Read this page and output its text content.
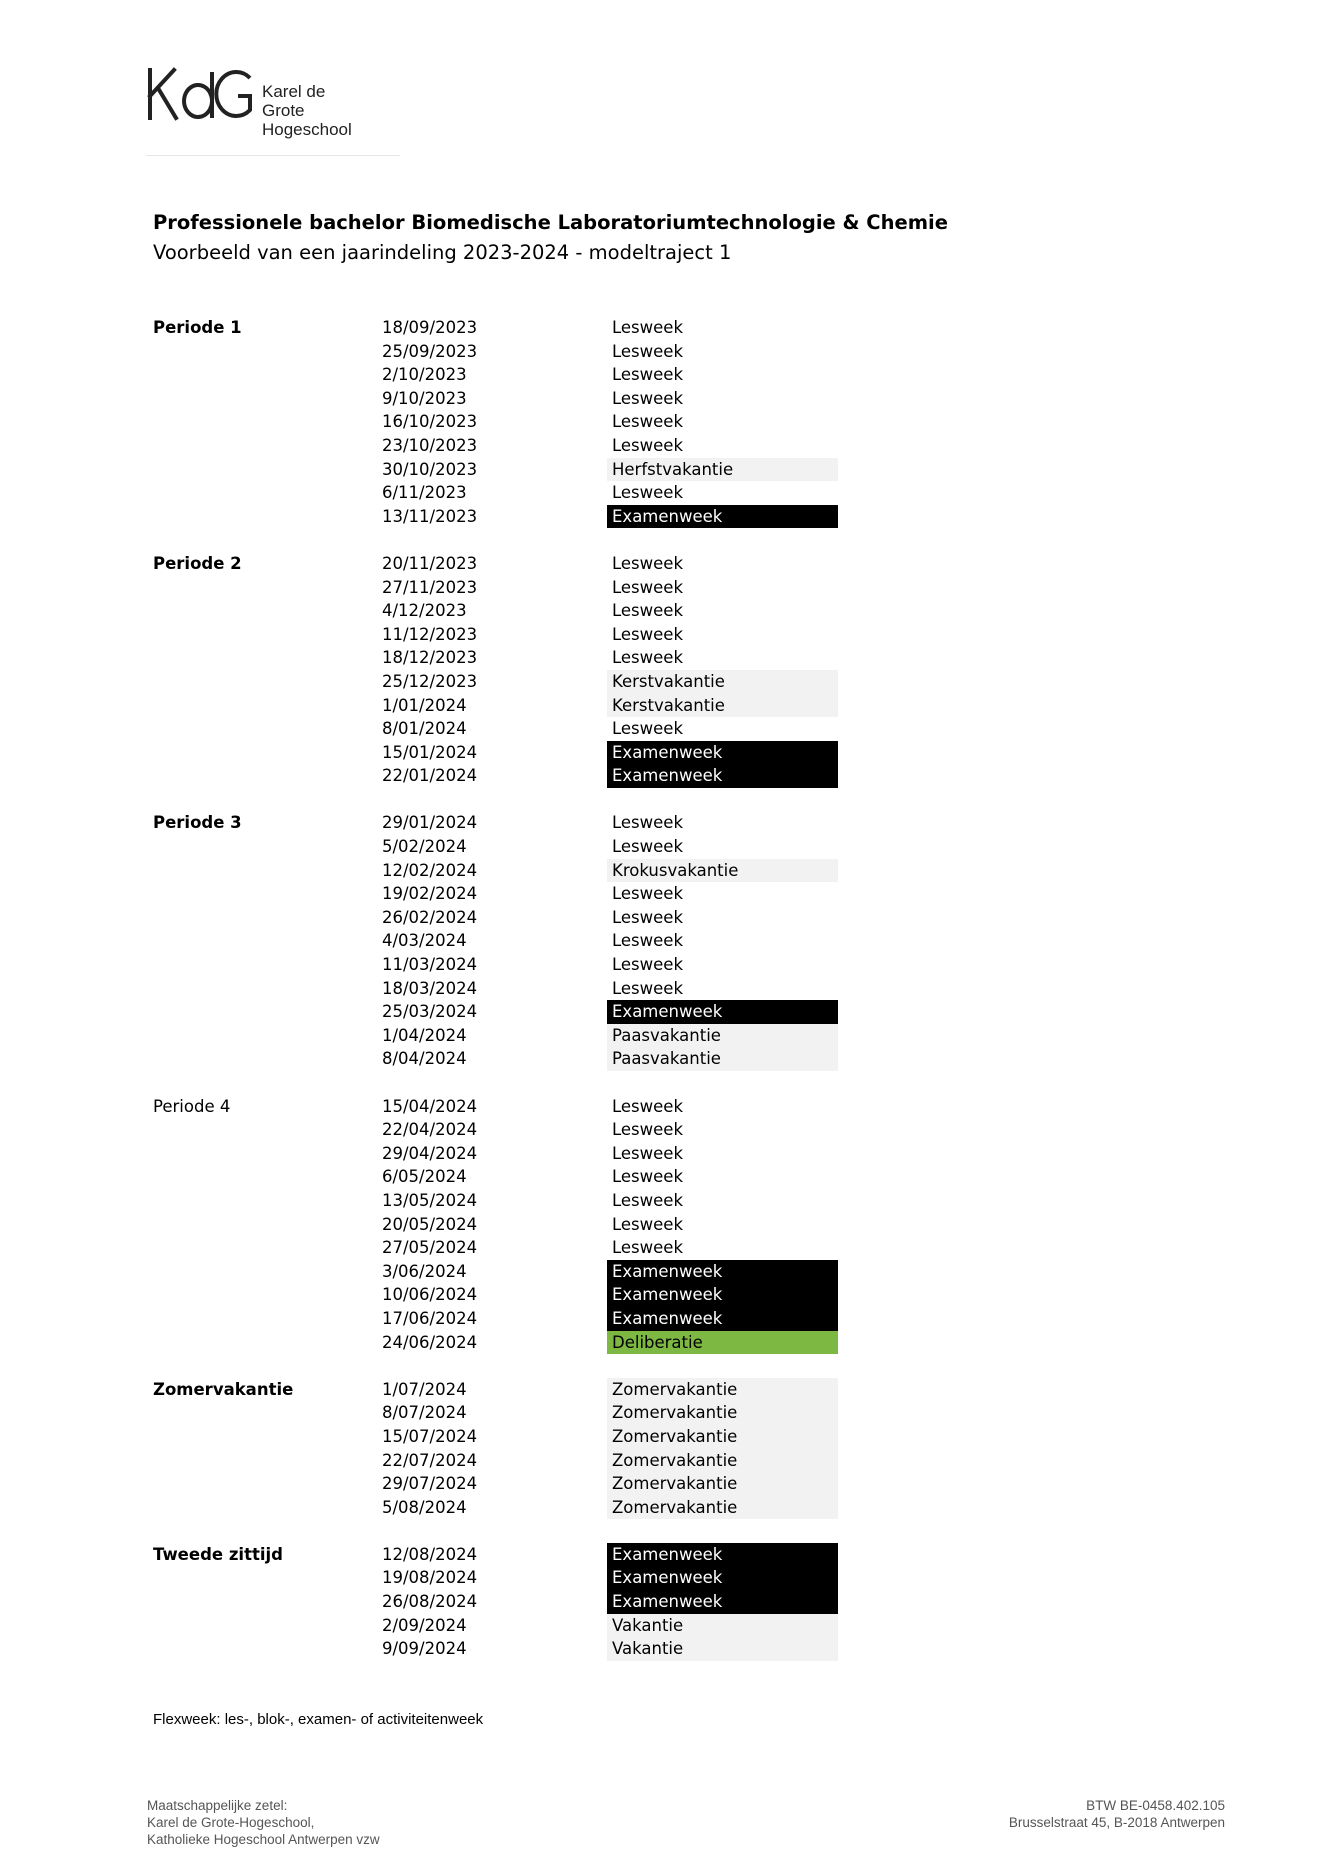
Karel de Grote
Hogeschool
Professionele bachelor Biomedische Laboratoriumtechnologie & Chemie
Voorbeeld van een jaarindeling 2023-2024 - modeltraject 1
Periode 1	18/09/2023	Lesweek
25/09/2023	Lesweek
2/10/2023	Lesweek
9/10/2023	Lesweek
16/10/2023	Lesweek
23/10/2023	Lesweek
30/10/2023	Herfstvakantie
6/11/2023	Lesweek
13/11/2023	Examenweek
Periode 2	20/11/2023	Lesweek
27/11/2023	Lesweek
4/12/2023	Lesweek
11/12/2023	Lesweek
18/12/2023	Lesweek
25/12/2023	Kerstvakantie
1/01/2024	Kerstvakantie
8/01/2024	Lesweek
15/01/2024	Examenweek
22/01/2024	Examenweek
Periode 3	29/01/2024	Lesweek
5/02/2024	Lesweek
12/02/2024	Krokusvakantie
19/02/2024	Lesweek
26/02/2024	Lesweek
4/03/2024	Lesweek
11/03/2024	Lesweek
18/03/2024	Lesweek
25/03/2024	Examenweek
1/04/2024	Paasvakantie
8/04/2024	Paasvakantie
Periode 4	15/04/2024	Lesweek
22/04/2024	Lesweek
29/04/2024	Lesweek
6/05/2024	Lesweek
13/05/2024	Lesweek
20/05/2024	Lesweek
27/05/2024	Lesweek
3/06/2024	Examenweek
10/06/2024	Examenweek
17/06/2024	Examenweek
24/06/2024	Deliberatie
Zomervakantie	1/07/2024	Zomervakantie
8/07/2024	Zomervakantie
15/07/2024	Zomervakantie
22/07/2024	Zomervakantie
29/07/2024	Zomervakantie
5/08/2024	Zomervakantie
Tweede zittijd	12/08/2024	Examenweek
19/08/2024	Examenweek
26/08/2024	Examenweek
2/09/2024	Vakantie
9/09/2024	Vakantie
Flexweek: les-, blok-, examen- of activiteitenweek
Maatschappelijke zetel:
Karel de Grote-Hogeschool,
Katholieke Hogeschool Antwerpen vzw
BTW BE-0458.402.105
Brusselstraat 45, B-2018 Antwerpen
